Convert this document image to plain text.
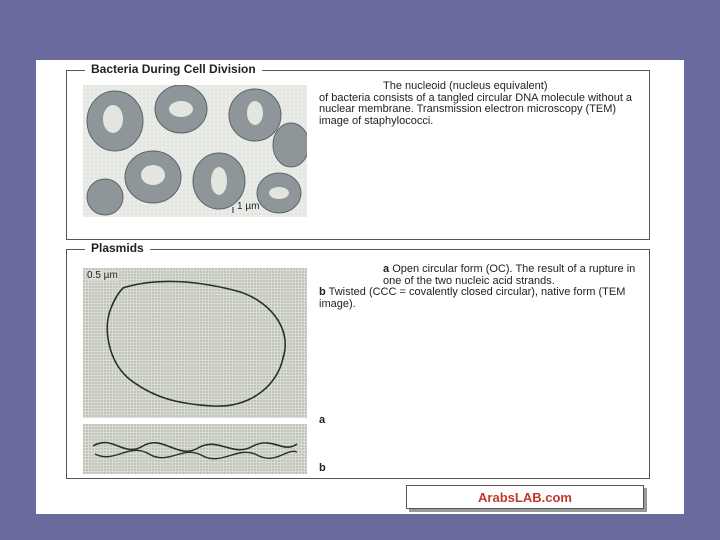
Bacteria During Cell Division
1 µm

The nucleoid (nucleus equivalent)

of bacteria consists of a tangled circular DNA molecule without a nuclear membrane. Transmission electron microscopy (TEM) image of staphylococci.

Plasmids
0.5 µm
a Open circular form (OC). The result of a rupture in one of the two nucleic acid strands.
b Twisted (CCC = covalently closed circular), native form (TEM image).
a
b
ArabsLAB.com
